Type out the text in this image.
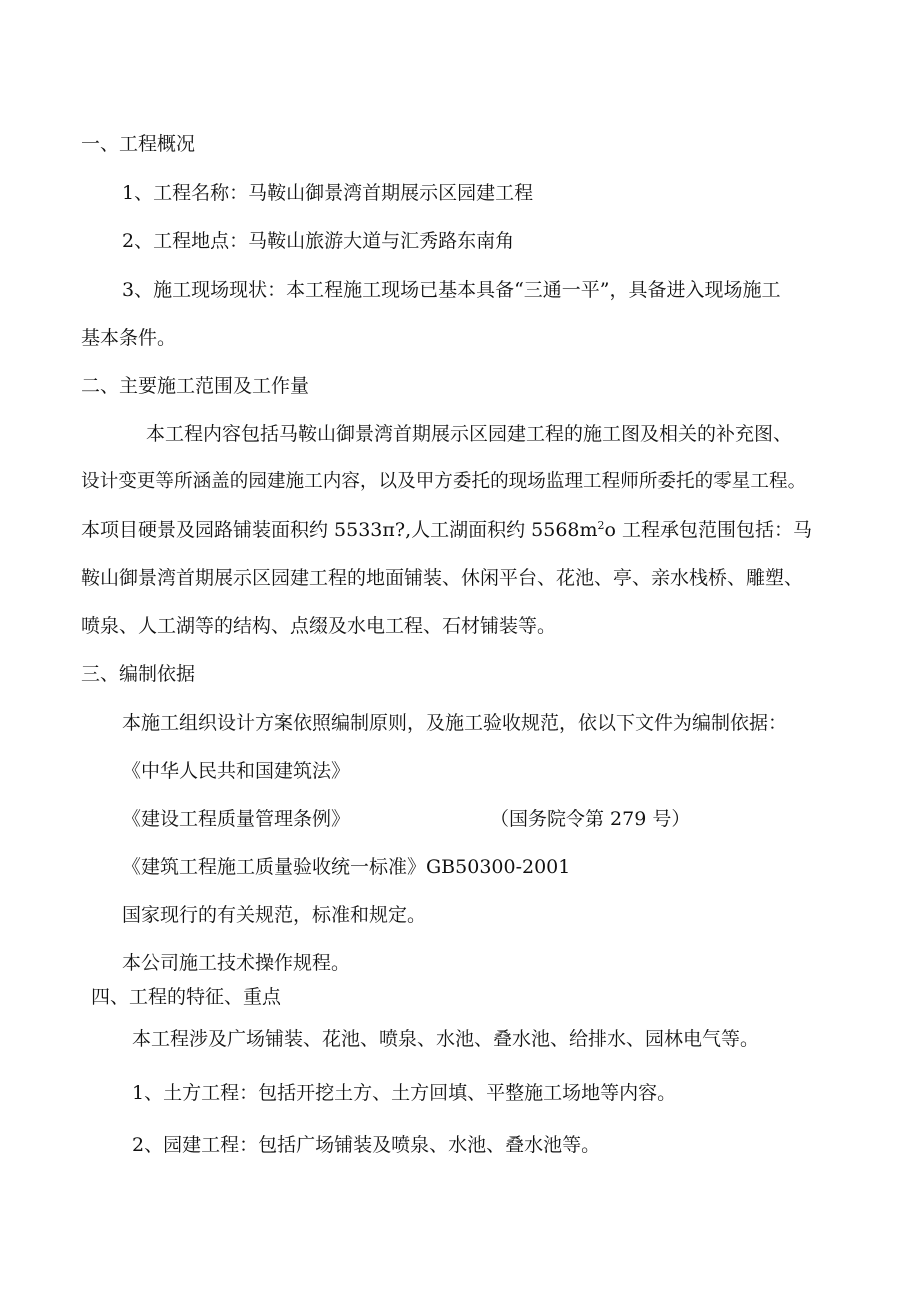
一、工程概况

1、工程名称：马鞍山御景湾首期展示区园建工程

2、工程地点：马鞍山旅游大道与汇秀路东南角

3、施工现场现状：本工程施工现场已基本具备“三通一平”，具备进入现场施工

基本条件。

二、主要施工范围及工作量

本工程内容包括马鞍山御景湾首期展示区园建工程的施工图及相关的补充图、

设计变更等所涵盖的园建施工内容，以及甲方委托的现场监理工程师所委托的零星工程。

本项目硬景及园路铺装面积约 5533π?,人工湖面积约 $5568m^2o$ 工程承包范围包括：马

鞍山御景湾首期展示区园建工程的地面铺装、休闲平台、花池、亭、亲水栈桥、雕塑、

喷泉、人工湖等的结构、点缀及水电工程、石材铺装等。

三、编制依据

本施工组织设计方案依照编制原则，及施工验收规范，依以下文件为编制依据：

《中华人民共和国建筑法》

《建设工程质量管理条例》	（国务院令第 279 号）

《建筑工程施工质量验收统一标准》GB50300-2001

国家现行的有关规范，标准和规定。

本公司施工技术操作规程。

四、工程的特征、重点

本工程涉及广场铺装、花池、喷泉、水池、叠水池、给排水、园林电气等。

1、土方工程：包括开挖土方、土方回填、平整施工场地等内容。

2、园建工程：包括广场铺装及喷泉、水池、叠水池等。
